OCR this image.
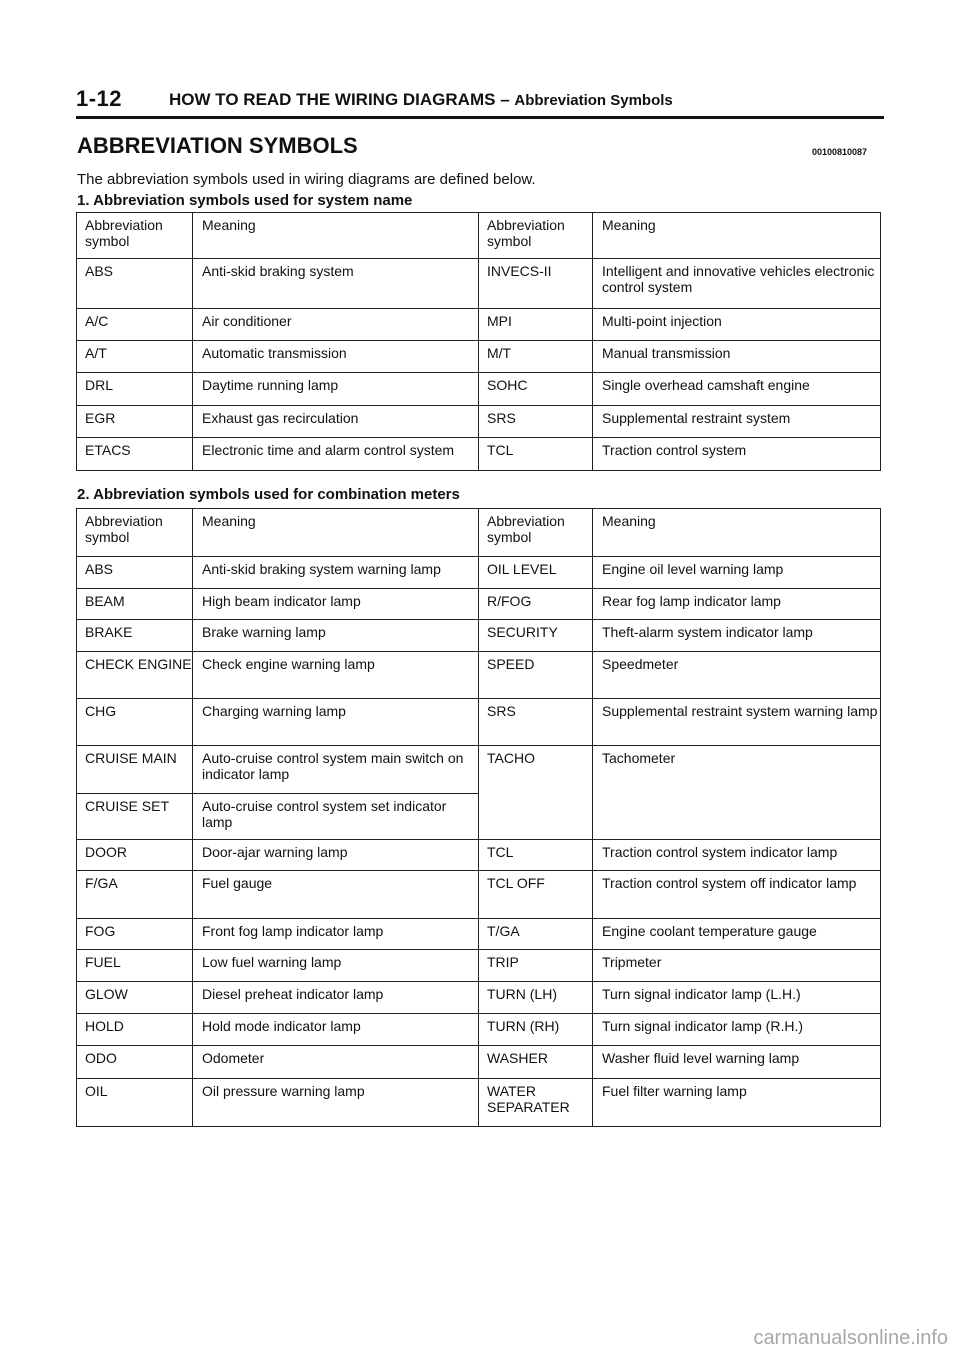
1-12	HOW TO READ THE WIRING DIAGRAMS – Abbreviation Symbols
ABBREVIATION SYMBOLS	00100810087
The abbreviation symbols used in wiring diagrams are defined below.
1. Abbreviation symbols used for system name
Abbreviation symbol	Meaning	Abbreviation symbol	Meaning
ABS	Anti-skid braking system	INVECS-II	Intelligent and innovative vehicles electronic control system
A/C	Air conditioner	MPI	Multi-point injection
A/T	Automatic transmission	M/T	Manual transmission
DRL	Daytime running lamp	SOHC	Single overhead camshaft engine
EGR	Exhaust gas recirculation	SRS	Supplemental restraint system
ETACS	Electronic time and alarm control system	TCL	Traction control system
2. Abbreviation symbols used for combination meters
Abbreviation symbol	Meaning	Abbreviation symbol	Meaning
ABS	Anti-skid braking system warning lamp	OIL LEVEL	Engine oil level warning lamp
BEAM	High beam indicator lamp	R/FOG	Rear fog lamp indicator lamp
BRAKE	Brake warning lamp	SECURITY	Theft-alarm system indicator lamp
CHECK ENGINE	Check engine warning lamp	SPEED	Speedmeter
CHG	Charging warning lamp	SRS	Supplemental restraint system warning lamp
CRUISE MAIN	Auto-cruise control system main switch on indicator lamp	TACHO	Tachometer
CRUISE SET	Auto-cruise control system set indicator lamp		
DOOR	Door-ajar warning lamp	TCL	Traction control system indicator lamp
F/GA	Fuel gauge	TCL OFF	Traction control system off indicator lamp
FOG	Front fog lamp indicator lamp	T/GA	Engine coolant temperature gauge
FUEL	Low fuel warning lamp	TRIP	Tripmeter
GLOW	Diesel preheat indicator lamp	TURN (LH)	Turn signal indicator lamp (L.H.)
HOLD	Hold mode indicator lamp	TURN (RH)	Turn signal indicator lamp (R.H.)
ODO	Odometer	WASHER	Washer fluid level warning lamp
OIL	Oil pressure warning lamp	WATER SEPARATER	Fuel filter warning lamp
carmanualsonline.info
